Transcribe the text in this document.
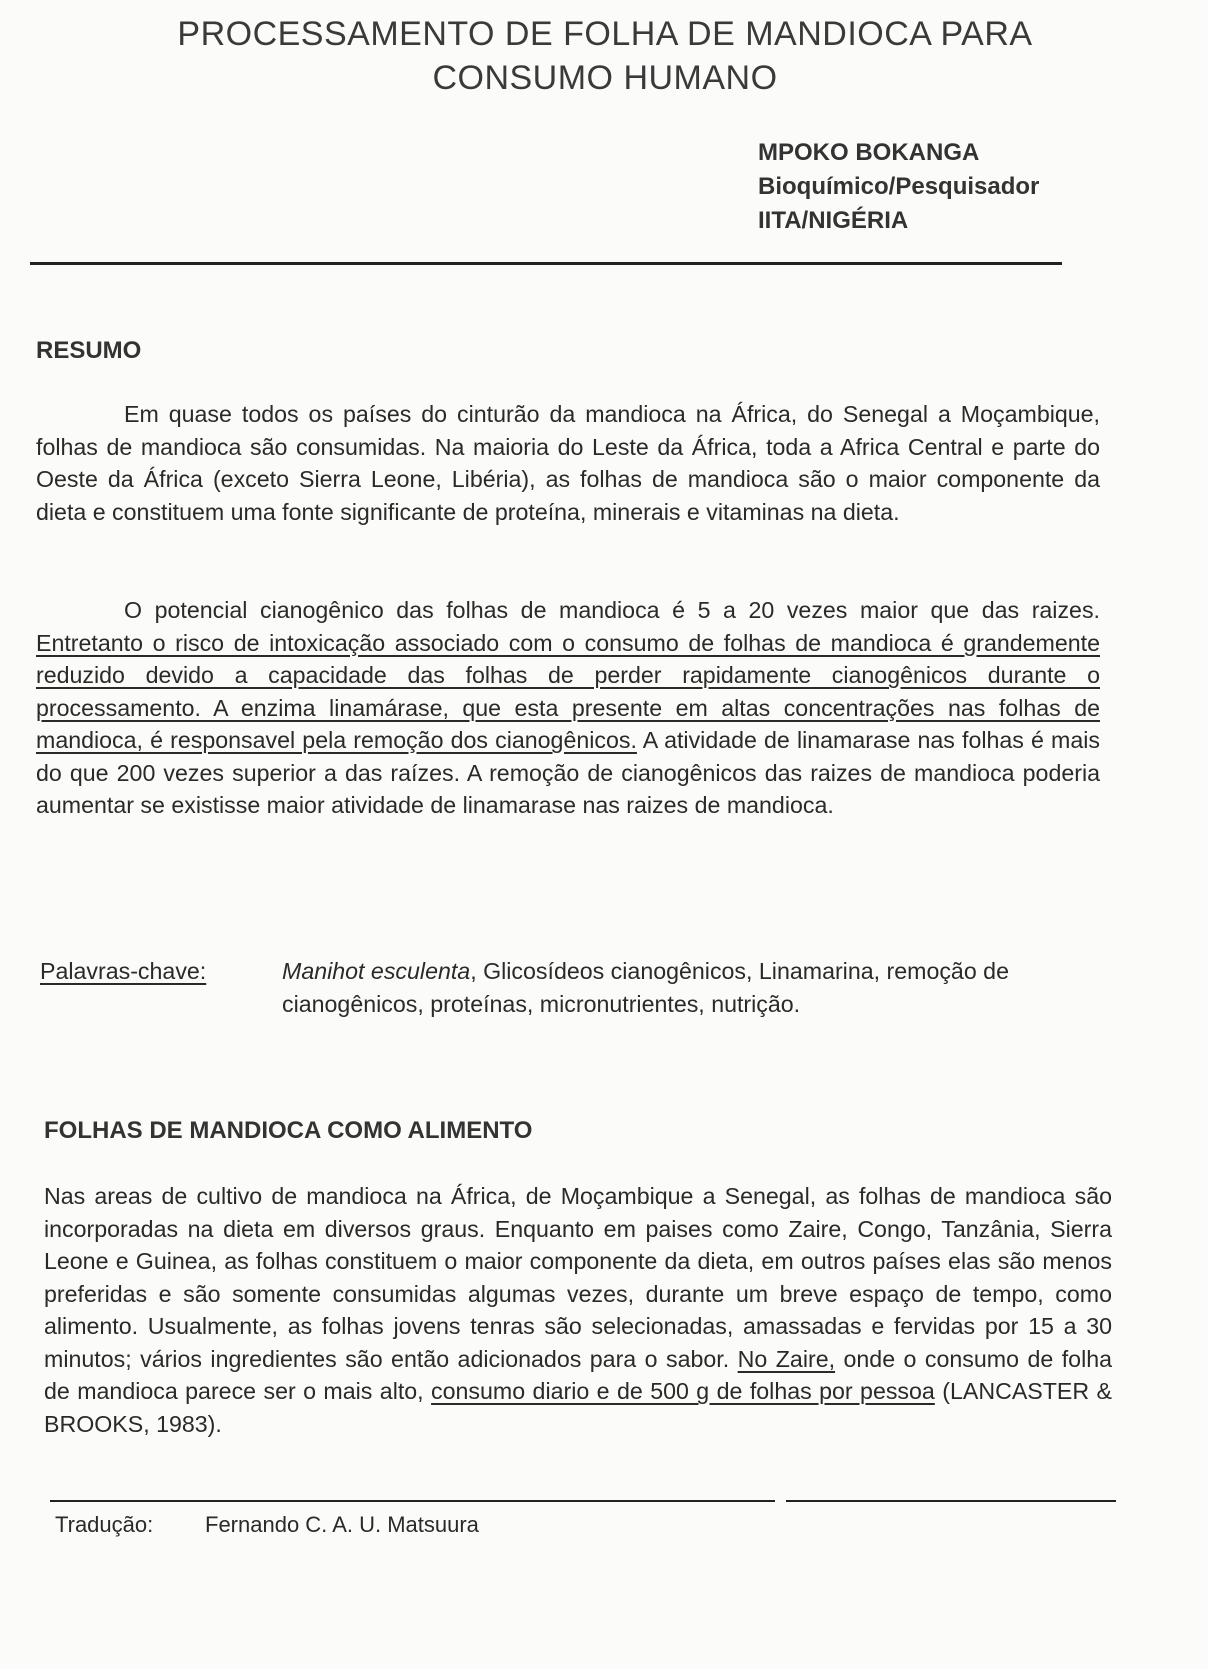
PROCESSAMENTO DE FOLHA DE MANDIOCA PARA
CONSUMO HUMANO
MPOKO BOKANGA
Bioquímico/Pesquisador
IITA/NIGÉRIA
RESUMO
Em quase todos os países do cinturão da mandioca na África, do Senegal a Moçambique, folhas de mandioca são consumidas. Na maioria do Leste da África, toda a Africa Central e parte do Oeste da África (exceto Sierra Leone, Libéria), as folhas de mandioca são o maior componente da dieta e constituem uma fonte significante de proteína, minerais e vitaminas na dieta.
O potencial cianogênico das folhas de mandioca é 5 a 20 vezes maior que das raizes. Entretanto o risco de intoxicação associado com o consumo de folhas de mandioca é grandemente reduzido devido a capacidade das folhas de perder rapidamente cianogênicos durante o processamento. A enzima linamárase, que esta presente em altas concentrações nas folhas de mandioca, é responsavel pela remoção dos cianogênicos. A atividade de linamarase nas folhas é mais do que 200 vezes superior a das raízes. A remoção de cianogênicos das raizes de mandioca poderia aumentar se existisse maior atividade de linamarase nas raizes de mandioca.
Palavras-chave:	Manihot esculenta, Glicosídeos cianogênicos, Linamarina, remoção de cianogênicos, proteínas, micronutrientes, nutrição.
FOLHAS DE MANDIOCA COMO ALIMENTO
Nas areas de cultivo de mandioca na África, de Moçambique a Senegal, as folhas de mandioca são incorporadas na dieta em diversos graus. Enquanto em paises como Zaire, Congo, Tanzânia, Sierra Leone e Guinea, as folhas constituem o maior componente da dieta, em outros países elas são menos preferidas e são somente consumidas algumas vezes, durante um breve espaço de tempo, como alimento. Usualmente, as folhas jovens tenras são selecionadas, amassadas e fervidas por 15 a 30 minutos; vários ingredientes são então adicionados para o sabor. No Zaire, onde o consumo de folha de mandioca parece ser o mais alto, consumo diario e de 500 g de folhas por pessoa (LANCASTER & BROOKS, 1983).
Tradução: Fernando C. A. U. Matsuura
